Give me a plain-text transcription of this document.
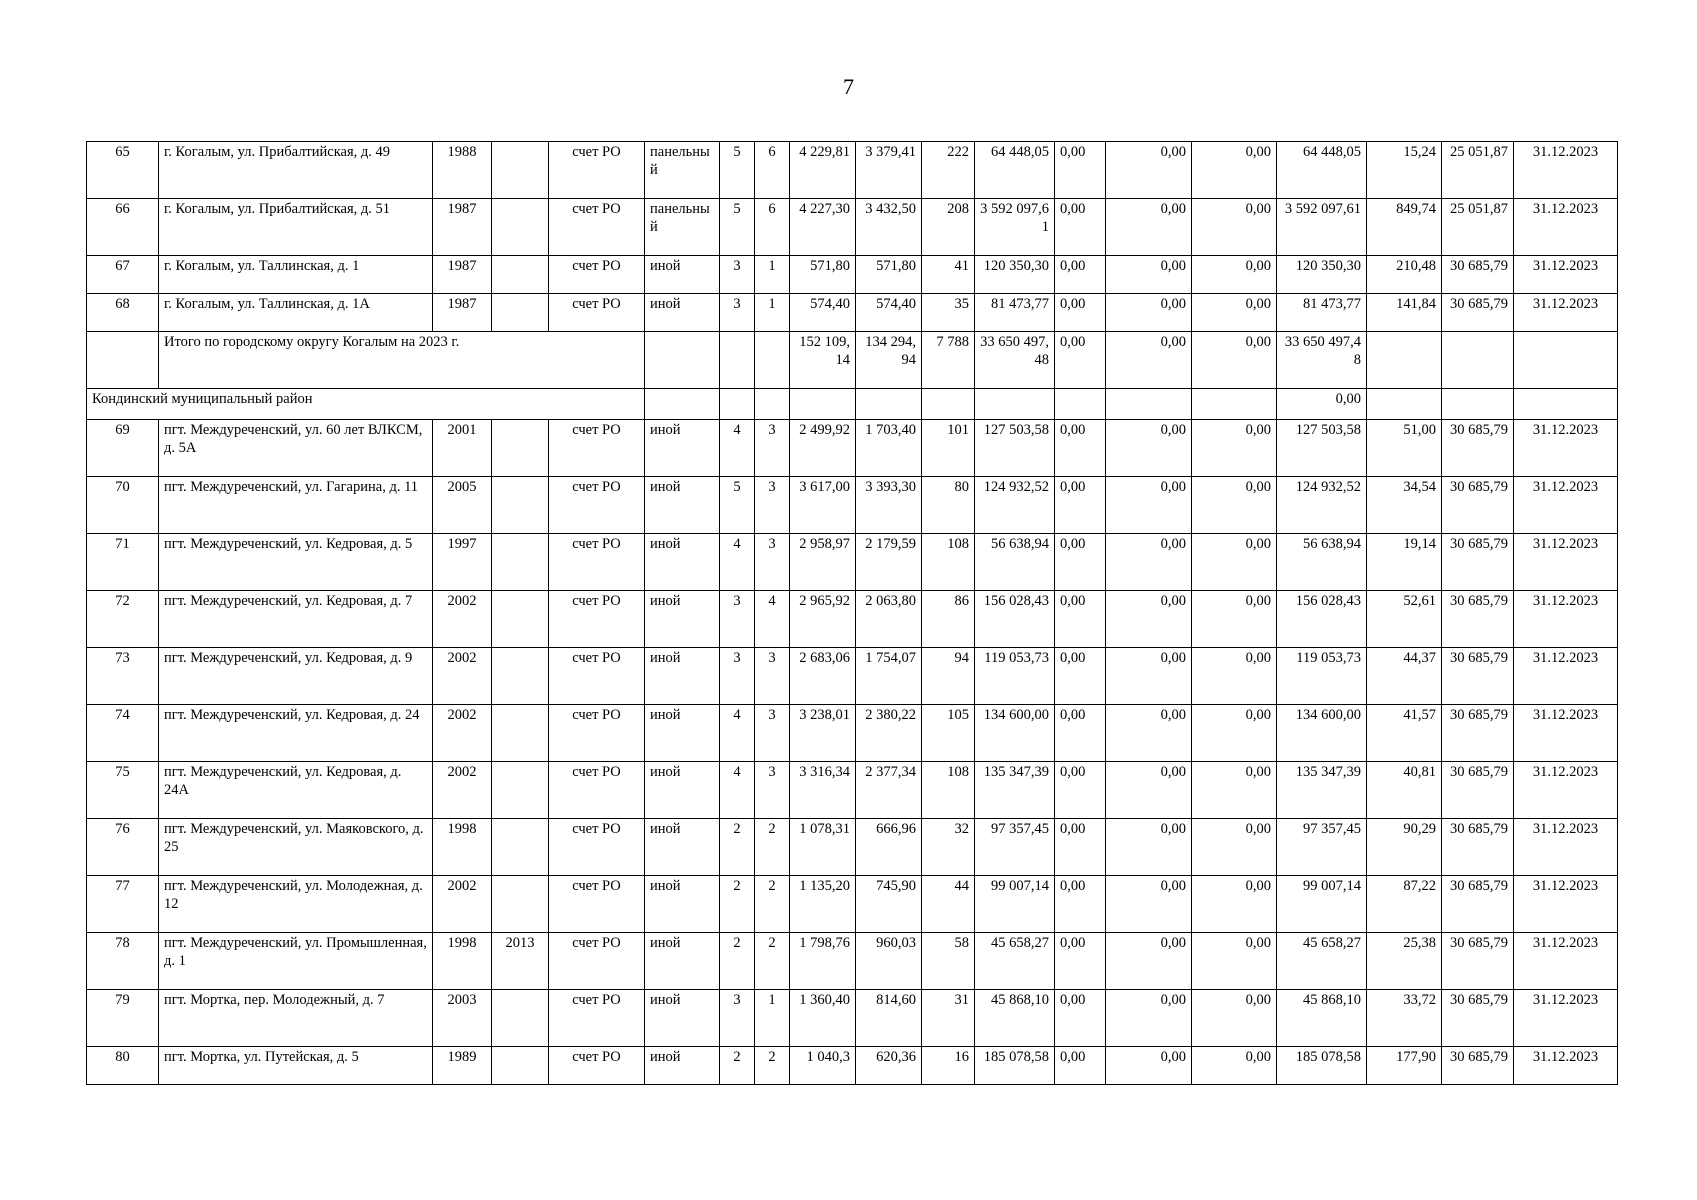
7
65	г. Когалым, ул. Прибалтийская, д. 49	1988		счет РО	панельный	5	6	4 229,81	3 379,41	222	64 448,05	0,00	0,00	0,00	64 448,05	15,24	25 051,87	31.12.2023
66	г. Когалым, ул. Прибалтийская, д. 51	1987		счет РО	панельный	5	6	4 227,30	3 432,50	208	3 592 097,61	0,00	0,00	0,00	3 592 097,61	849,74	25 051,87	31.12.2023
67	г. Когалым, ул. Таллинская, д. 1	1987		счет РО	иной	3	1	571,80	571,80	41	120 350,30	0,00	0,00	0,00	120 350,30	210,48	30 685,79	31.12.2023
68	г. Когалым, ул. Таллинская, д. 1А	1987		счет РО	иной	3	1	574,40	574,40	35	81 473,77	0,00	0,00	0,00	81 473,77	141,84	30 685,79	31.12.2023
	Итого по городскому округу Когалым на 2023 г.							152 109,14	134 294,94	7 788	33 650 497,48	0,00	0,00	0,00	33 650 497,48			
Кондинский муниципальный район															0,00			
69	пгт. Междуреченский, ул. 60 лет ВЛКСМ, д. 5А	2001		счет РО	иной	4	3	2 499,92	1 703,40	101	127 503,58	0,00	0,00	0,00	127 503,58	51,00	30 685,79	31.12.2023
70	пгт. Междуреченский, ул. Гагарина, д. 11	2005		счет РО	иной	5	3	3 617,00	3 393,30	80	124 932,52	0,00	0,00	0,00	124 932,52	34,54	30 685,79	31.12.2023
71	пгт. Междуреченский, ул. Кедровая, д. 5	1997		счет РО	иной	4	3	2 958,97	2 179,59	108	56 638,94	0,00	0,00	0,00	56 638,94	19,14	30 685,79	31.12.2023
72	пгт. Междуреченский, ул. Кедровая, д. 7	2002		счет РО	иной	3	4	2 965,92	2 063,80	86	156 028,43	0,00	0,00	0,00	156 028,43	52,61	30 685,79	31.12.2023
73	пгт. Междуреченский, ул. Кедровая, д. 9	2002		счет РО	иной	3	3	2 683,06	1 754,07	94	119 053,73	0,00	0,00	0,00	119 053,73	44,37	30 685,79	31.12.2023
74	пгт. Междуреченский, ул. Кедровая, д. 24	2002		счет РО	иной	4	3	3 238,01	2 380,22	105	134 600,00	0,00	0,00	0,00	134 600,00	41,57	30 685,79	31.12.2023
75	пгт. Междуреченский, ул. Кедровая, д. 24А	2002		счет РО	иной	4	3	3 316,34	2 377,34	108	135 347,39	0,00	0,00	0,00	135 347,39	40,81	30 685,79	31.12.2023
76	пгт. Междуреченский, ул. Маяковского, д. 25	1998		счет РО	иной	2	2	1 078,31	666,96	32	97 357,45	0,00	0,00	0,00	97 357,45	90,29	30 685,79	31.12.2023
77	пгт. Междуреченский, ул. Молодежная, д. 12	2002		счет РО	иной	2	2	1 135,20	745,90	44	99 007,14	0,00	0,00	0,00	99 007,14	87,22	30 685,79	31.12.2023
78	пгт. Междуреченский, ул. Промышленная, д. 1	1998	2013	счет РО	иной	2	2	1 798,76	960,03	58	45 658,27	0,00	0,00	0,00	45 658,27	25,38	30 685,79	31.12.2023
79	пгт. Мортка, пер. Молодежный, д. 7	2003		счет РО	иной	3	1	1 360,40	814,60	31	45 868,10	0,00	0,00	0,00	45 868,10	33,72	30 685,79	31.12.2023
80	пгт. Мортка, ул. Путейская, д. 5	1989		счет РО	иной	2	2	1 040,3	620,36	16	185 078,58	0,00	0,00	0,00	185 078,58	177,90	30 685,79	31.12.2023
